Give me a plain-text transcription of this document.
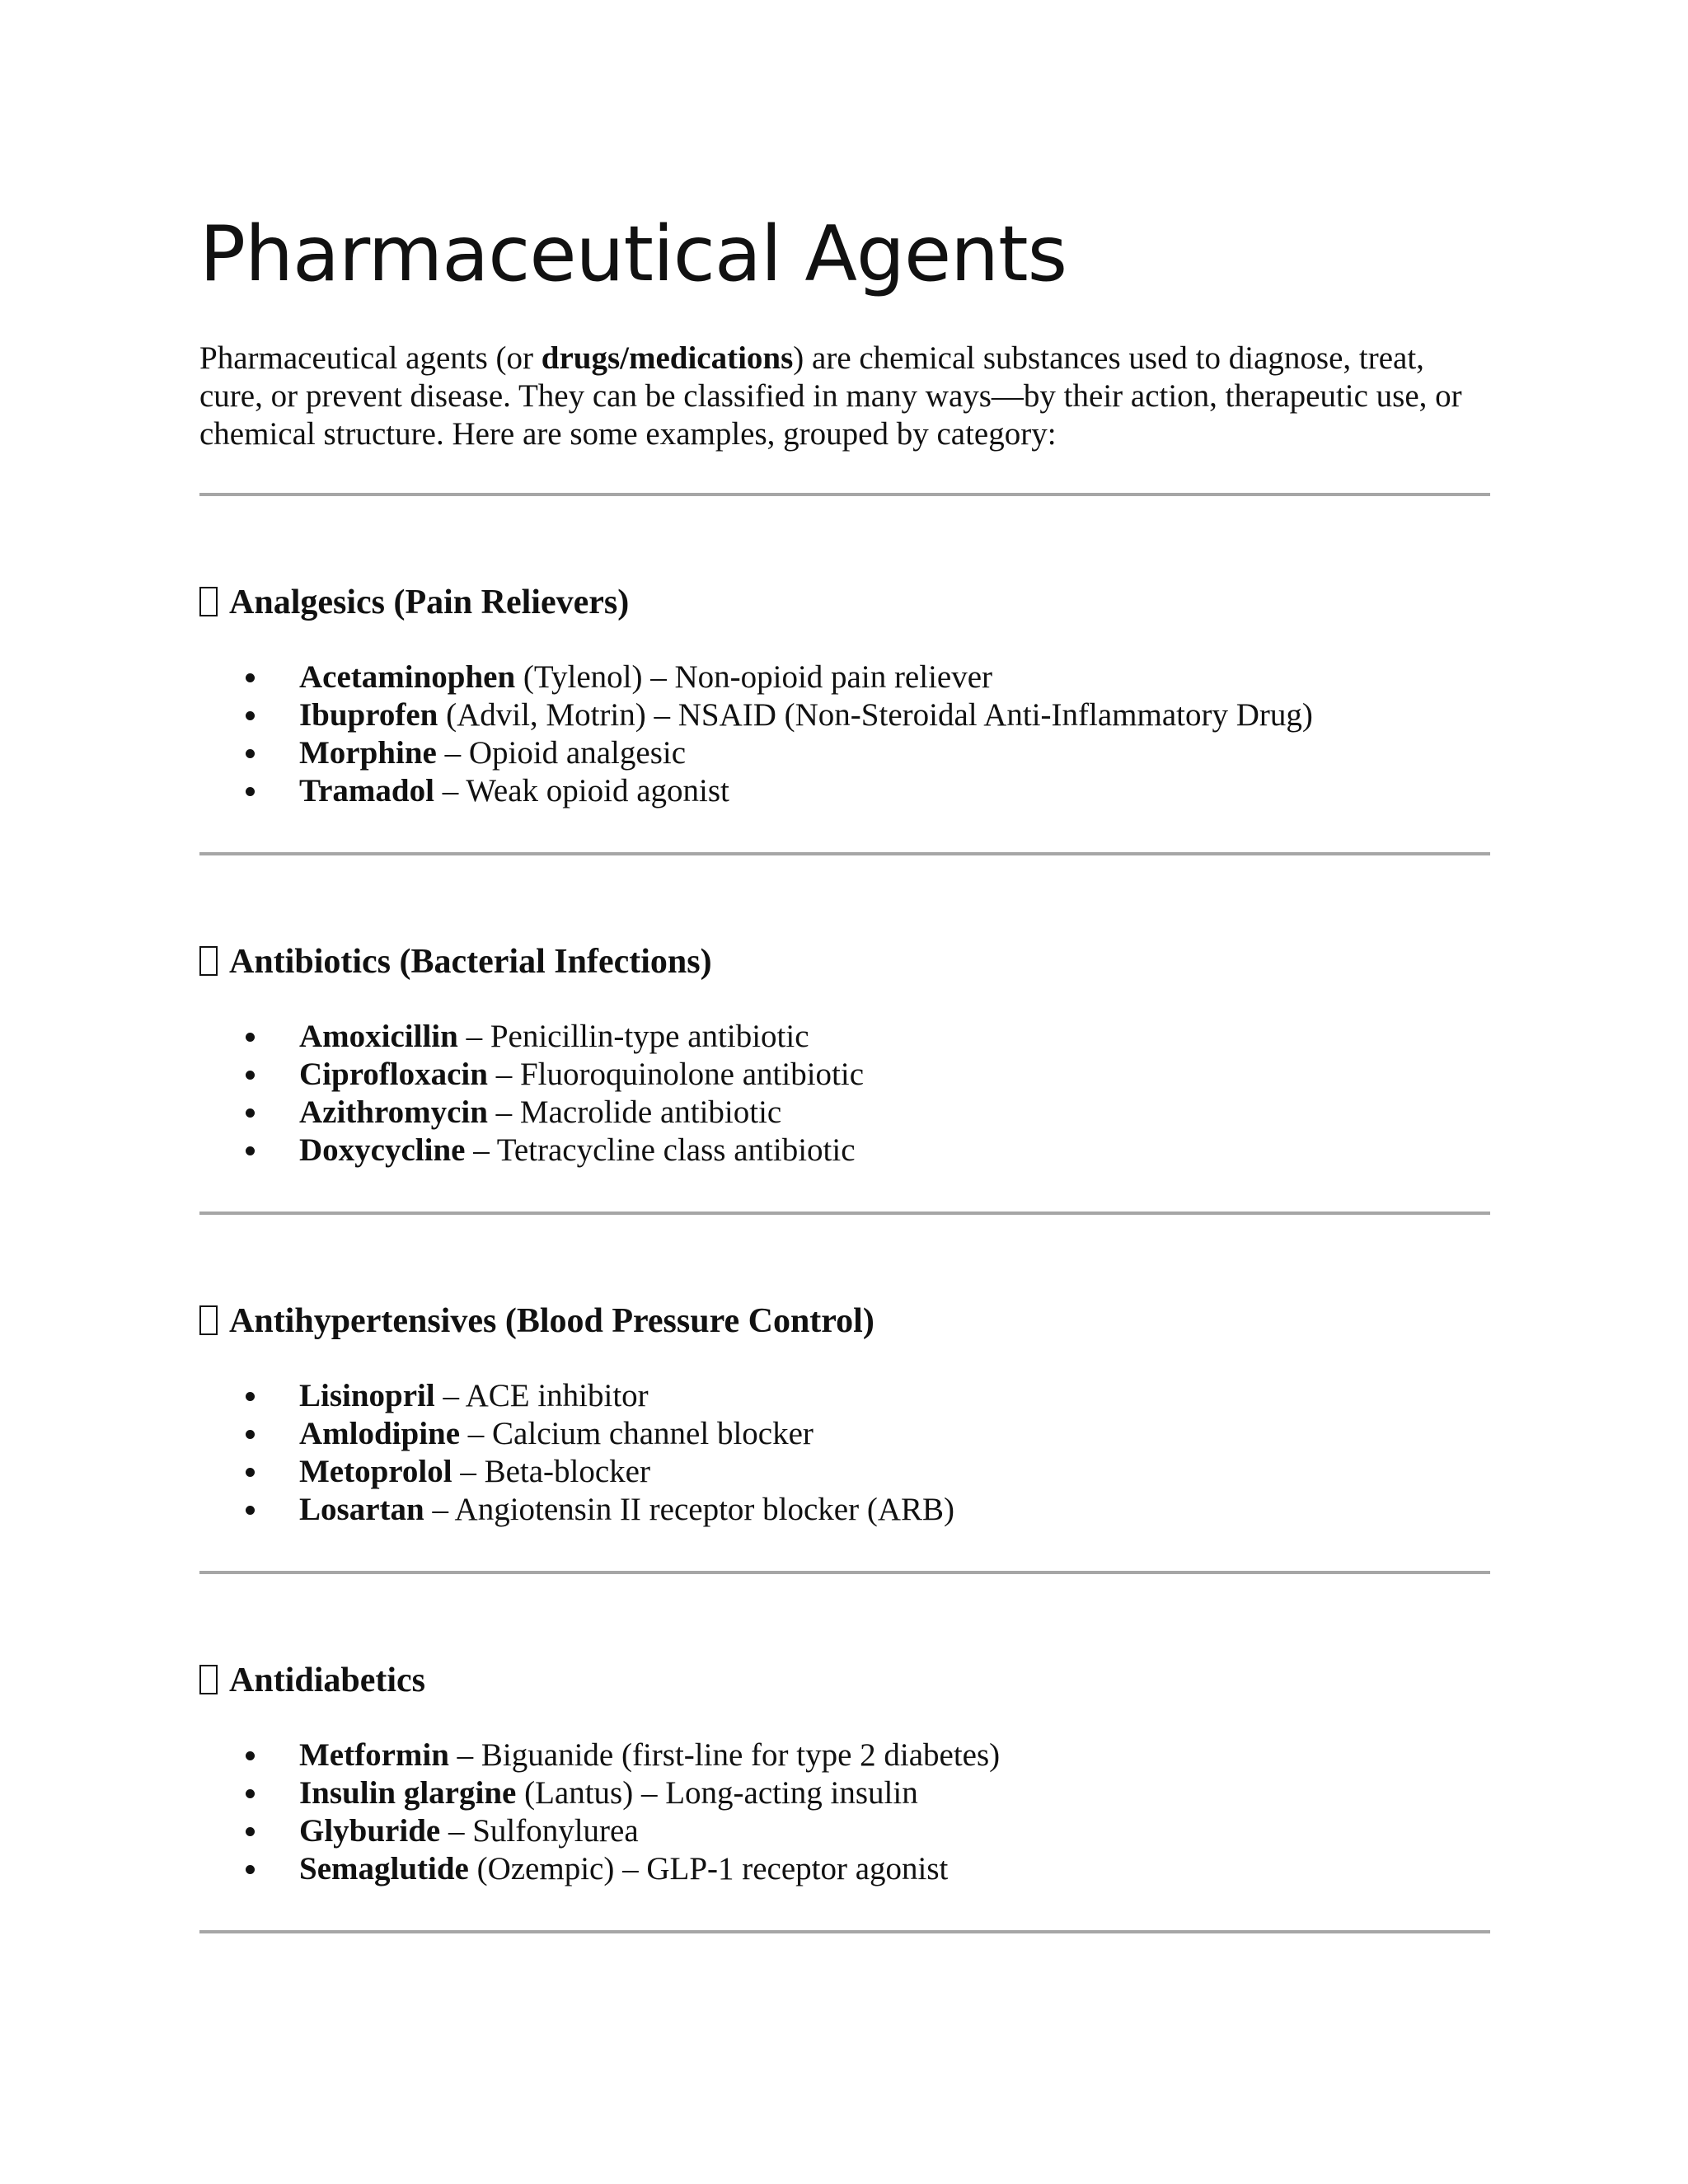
Pharmaceutical Agents

Pharmaceutical agents (or drugs/medications) are chemical substances used to diagnose, treat, cure, or prevent disease. They can be classified in many ways—by their action, therapeutic use, or chemical structure. Here are some examples, grouped by category:

Analgesics (Pain Relievers)
Acetaminophen (Tylenol) – Non-opioid pain reliever
Ibuprofen (Advil, Motrin) – NSAID (Non-Steroidal Anti-Inflammatory Drug)
Morphine – Opioid analgesic
Tramadol – Weak opioid agonist
Antibiotics (Bacterial Infections)
Amoxicillin – Penicillin-type antibiotic
Ciprofloxacin – Fluoroquinolone antibiotic
Azithromycin – Macrolide antibiotic
Doxycycline – Tetracycline class antibiotic
Antihypertensives (Blood Pressure Control)
Lisinopril – ACE inhibitor
Amlodipine – Calcium channel blocker
Metoprolol – Beta-blocker
Losartan – Angiotensin II receptor blocker (ARB)
Antidiabetics
Metformin – Biguanide (first-line for type 2 diabetes)
Insulin glargine (Lantus) – Long-acting insulin
Glyburide – Sulfonylurea
Semaglutide (Ozempic) – GLP-1 receptor agonist
